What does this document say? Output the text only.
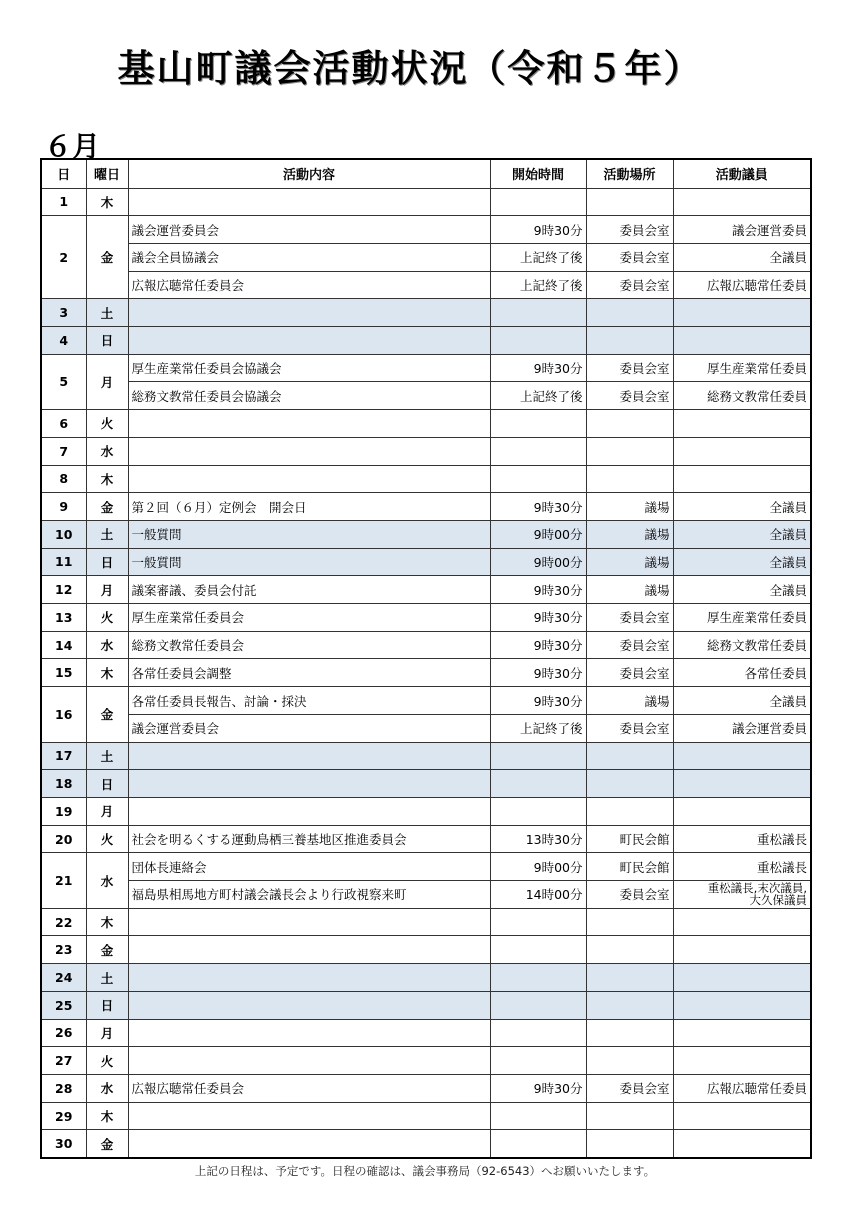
基山町議会活動状況（令和５年）
６月
日	曜日	活動内容	開始時間	活動場所	活動議員
1	木				
2	金	議会運営委員会	9時30分	委員会室	議会運営委員
		議会全員協議会	上記終了後	委員会室	全議員
		広報広聴常任委員会	上記終了後	委員会室	広報広聴常任委員
3	土				
4	日				
5	月	厚生産業常任委員会協議会	9時30分	委員会室	厚生産業常任委員
		総務文教常任委員会協議会	上記終了後	委員会室	総務文教常任委員
6	火				
7	水				
8	木				
9	金	第２回（６月）定例会　開会日	9時30分	議場	全議員
10	土	一般質問	9時00分	議場	全議員
11	日	一般質問	9時00分	議場	全議員
12	月	議案審議、委員会付託	9時30分	議場	全議員
13	火	厚生産業常任委員会	9時30分	委員会室	厚生産業常任委員
14	水	総務文教常任委員会	9時30分	委員会室	総務文教常任委員
15	木	各常任委員会調整	9時30分	委員会室	各常任委員
16	金	各常任委員長報告、討論・採決	9時30分	議場	全議員
		議会運営委員会	上記終了後	委員会室	議会運営委員
17	土				
18	日				
19	月				
20	火	社会を明るくする運動鳥栖三養基地区推進委員会	13時30分	町民会館	重松議長
21	水	団体長連絡会	9時00分	町民会館	重松議長
		福島県相馬地方町村議会議長会より行政視察来町	14時00分	委員会室	重松議長,末次議員,
大久保議員
22	木				
23	金				
24	土				
25	日				
26	月				
27	火				
28	水	広報広聴常任委員会	9時30分	委員会室	広報広聴常任委員
29	木				
30	金				
上記の日程は、予定です。日程の確認は、議会事務局（92-6543）へお願いいたします。
